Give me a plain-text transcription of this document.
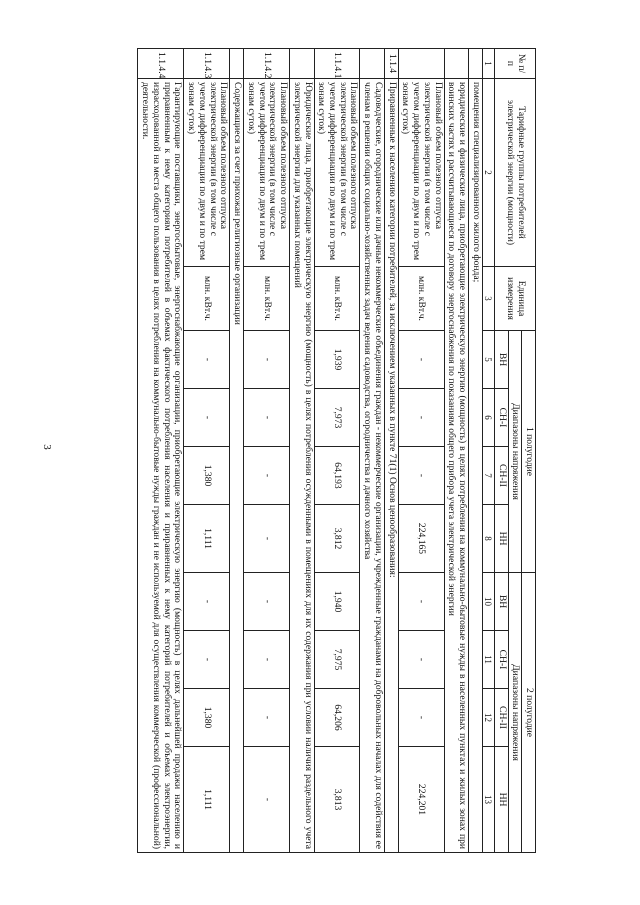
3
№ п/п	Тарифные группы потребителей электрической энергии (мощности)	Единица измерения	1 полугодие				2 полугодие			
			Диапазоны напряжения				Диапазоны напряжения			
			ВН	СН-I	СН-II	НН	ВН	СН-I	СН-II	НН
1	2	3	5	6	7	8	10	11	12	13
	помещения специализированного жилого фонда;									
	юридические и физические лица, приобретающие электрическую энергию (мощность) в целях потребления на коммунально-бытовые нужды в населенных пунктах и жилых зонах при воинских частях и рассчитывающиеся по договору энергоснабжения по показаниям общего прибора учета электрической энергии									
	Плановый объем полезного отпуска электрической энергии (в том числе с учетом дифференциации по двум и по трем зонам суток)	млн. кВт.ч.	-	-	-	224,165	-	-	-	224,201
1.1.4	Приравненные к населению категории потребителей, за исключением указанных в пункте 71(1) Основ ценообразования:									
	Садоводческие, огороднические или дачные некоммерческие объединения граждан - некоммерческие организации, учрежденные гражданами на добровольных началах для содействия ее членам в решении общих социально-хозяйственных задач ведения садоводства, огородничества и дачного хозяйства									
1.1.4.1	Плановый объем полезного отпуска электрической энергии (в том числе с учетом дифференциации по двум и по трем зонам суток)	млн. кВт.ч.	1,939	7,973	64,193	3,812	1,940	7,975	64,206	3,813
	Юридические лица, приобретающие электрическую энергию (мощность) в целях потребления осужденными в помещениях для их содержания при условии наличия раздельного учета электрической энергии для указанных помещений									
1.1.4.2	Плановый объем полезного отпуска электрической энергии (в том числе с учетом дифференциации по двум и по трем зонам суток)	млн. кВт.ч.	-	-	-	-	-	-	-	-
	Содержащиеся за счет прихожан религиозные организации									
1.1.4.3	Плановый объем полезного отпуска электрической энергии (в том числе с учетом дифференциации по двум и по трем зонам суток)	млн. кВт.ч.	-	-	1,380	1,111	-	-	1,380	1,111
1.1.4.4	Гарантирующие поставщики, энергосбытовые, энергоснабжающие организации, приобретающие электрическую энергию (мощность) в целях дальнейшей продажи населению и приравненным к нему категориям потребителей в объемах фактического потребления населения и приравненных к нему категорий потребителей и объемах электроэнергии, израсходованной на места общего пользования в целях потребления на коммунально-бытовые нужды граждан и не используемой для осуществления коммерческой (профессиональной) деятельности.									
